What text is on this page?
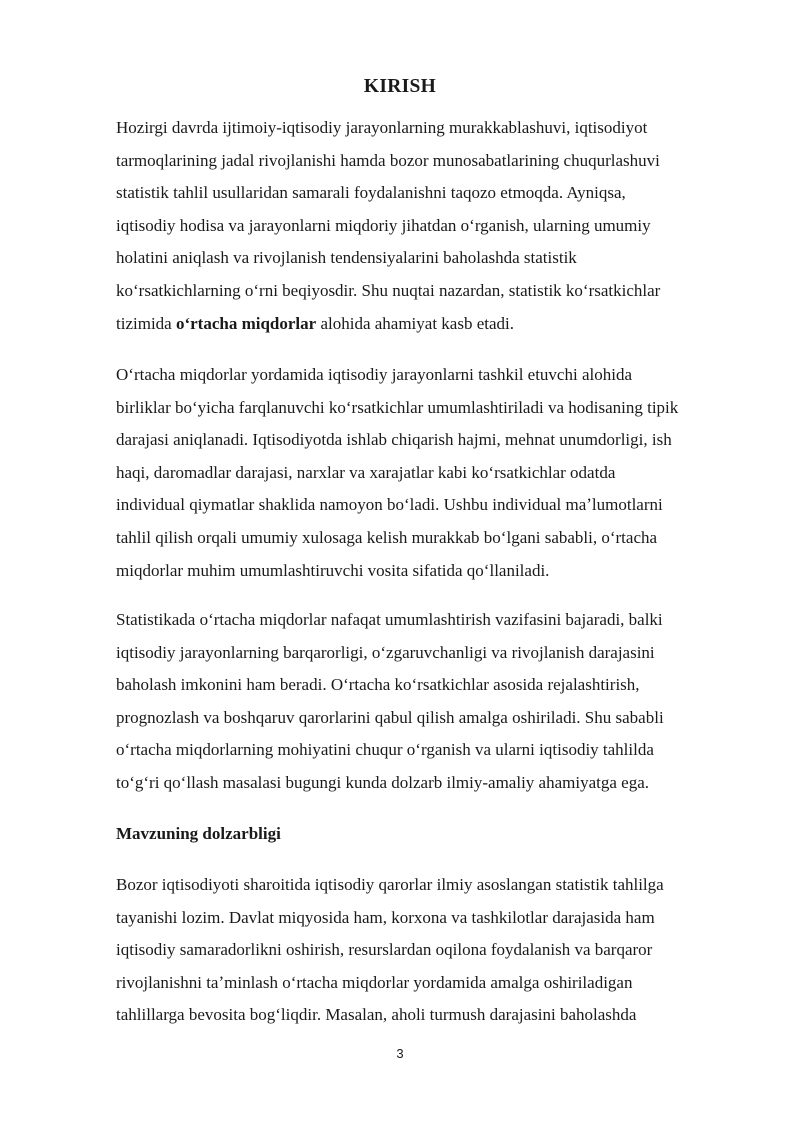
KIRISH
Hozirgi davrda ijtimoiy-iqtisodiy jarayonlarning murakkablashuvi, iqtisodiyot
tarmoqlarining jadal rivojlanishi hamda bozor munosabatlarining chuqurlashuvi
statistik tahlil usullaridan samarali foydalanishni taqozo etmoqda. Ayniqsa,
iqtisodiy hodisa va jarayonlarni miqdoriy jihatdan oʻrganish, ularning umumiy
holatini aniqlash va rivojlanish tendensiyalarini baholashda statistik
koʻrsatkichlarning oʻrni beqiyosdir. Shu nuqtai nazardan, statistik koʻrsatkichlar
tizimida oʻrtacha miqdorlar alohida ahamiyat kasb etadi.
Oʻrtacha miqdorlar yordamida iqtisodiy jarayonlarni tashkil etuvchi alohida
birliklar boʻyicha farqlanuvchi koʻrsatkichlar umumlashtiriladi va hodisaning tipik
darajasi aniqlanadi. Iqtisodiyotda ishlab chiqarish hajmi, mehnat unumdorligi, ish
haqi, daromadlar darajasi, narxlar va xarajatlar kabi koʻrsatkichlar odatda
individual qiymatlar shaklida namoyon boʻladi. Ushbu individual maʼlumotlarni
tahlil qilish orqali umumiy xulosaga kelish murakkab boʻlgani sababli, oʻrtacha
miqdorlar muhim umumlashtiruvchi vosita sifatida qoʻllaniladi.
Statistikada oʻrtacha miqdorlar nafaqat umumlashtirish vazifasini bajaradi, balki
iqtisodiy jarayonlarning barqarorligi, oʻzgaruvchanligi va rivojlanish darajasini
baholash imkonini ham beradi. Oʻrtacha koʻrsatkichlar asosida rejalashtirish,
prognozlash va boshqaruv qarorlarini qabul qilish amalga oshiriladi. Shu sababli
oʻrtacha miqdorlarning mohiyatini chuqur oʻrganish va ularni iqtisodiy tahlilda
toʻgʻri qoʻllash masalasi bugungi kunda dolzarb ilmiy-amaliy ahamiyatga ega.
Mavzuning dolzarbligi
Bozor iqtisodiyoti sharoitida iqtisodiy qarorlar ilmiy asoslangan statistik tahlilga
tayanishi lozim. Davlat miqyosida ham, korxona va tashkilotlar darajasida ham
iqtisodiy samaradorlikni oshirish, resurslardan oqilona foydalanish va barqaror
rivojlanishni taʼminlash oʻrtacha miqdorlar yordamida amalga oshiriladigan
tahlillarga bevosita bogʻliqdir. Masalan, aholi turmush darajasini baholashda
3
